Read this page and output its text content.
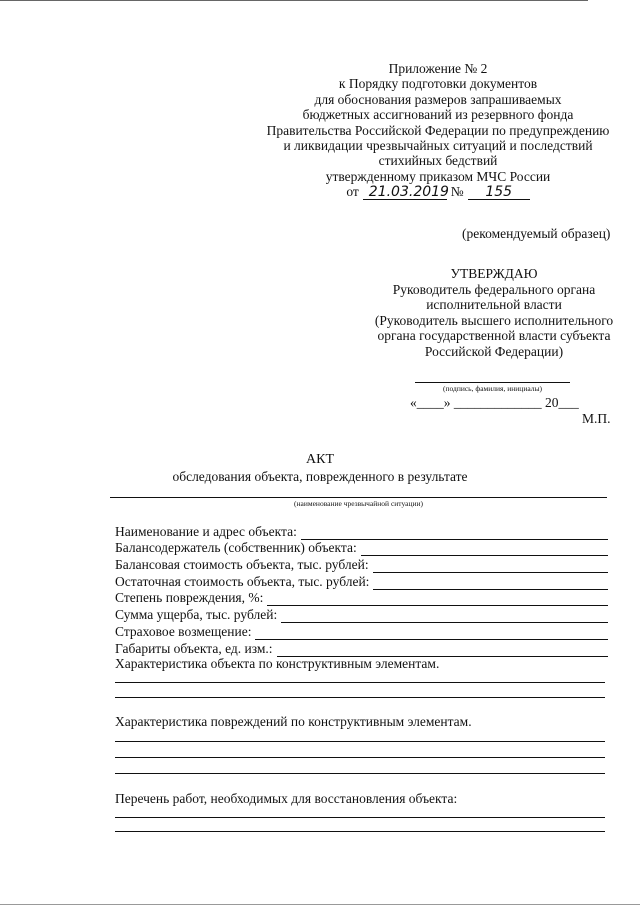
Приложение № 2
к Порядку подготовки документов
для обоснования размеров запрашиваемых
бюджетных ассигнований из резервного фонда
Правительства Российской Федерации по предупреждению
и ликвидации чрезвычайных ситуаций и последствий
стихийных бедствий
утвержденному приказом МЧС России
от 21.03.2019 №	155
(рекомендуемый образец)
УТВЕРЖДАЮ
Руководитель федерального органа
исполнительной власти
(Руководитель высшего исполнительного
органа государственной власти субъекта
Российской Федерации)
(подпись, фамилия, инициалы)
«____» _____________ 20___
М.П.
АКТ
обследования объекта, поврежденного в результате
(наименование чрезвычайной ситуации)
Наименование и адрес объекта:
Балансодержатель (собственник) объекта:
Балансовая стоимость объекта, тыс. рублей:
Остаточная стоимость объекта, тыс. рублей:
Степень повреждения, %:
Сумма ущерба, тыс. рублей:
Страховое возмещение:
Габариты объекта, ед. изм.:
Характеристика объекта по конструктивным элементам.
Характеристика повреждений по конструктивным элементам.
Перечень работ, необходимых для восстановления объекта:
